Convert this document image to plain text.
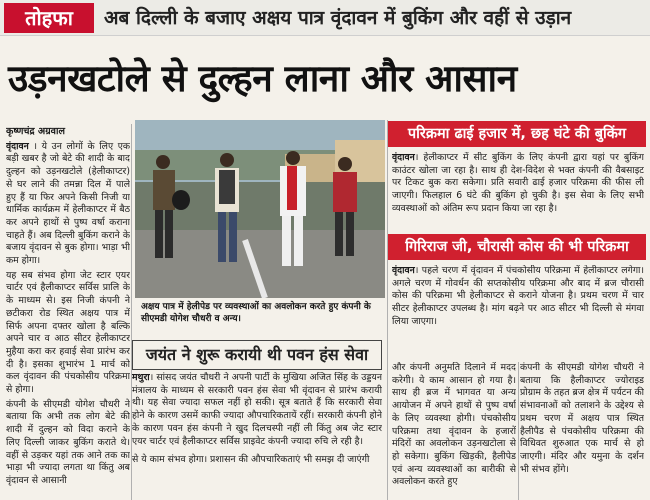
तोहफा	अब दिल्ली के बजाए अक्षय पात्र वृंदावन में बुकिंग और वहीं से उड़ान
उड़नखटोले से दुल्हन लाना और आसान
कृष्णचंद्र अग्रवाल

वृंदावन । ये उन लोगों के लिए एक बड़ी खबर है जो बेटे की शादी के बाद दुल्हन को उड़नखटोले (हेलीकाप्टर) से घर लाने की तमन्ना दिल में पाले हुए हैं या फिर अपने किसी निजी या धार्मिक कार्यक्रम में हेलीकाप्टर में बैठ कर अपने हाथों से पुष्प वर्षा कराना चाहते हैं। अब दिल्ली बुकिंग कराने के बजाय वृंदावन से बुक होगा। भाड़ा भी कम होगा।

यह सब संभव होगा जेट स्टार एयर चार्टर एवं हैलीकाप्टर सर्विस प्रालि के के माध्यम से। इस निजी कंपनी ने छटीकरा रोड स्थित अक्षय पात्र में सिर्फ अपना दफ्तर खोला है बल्कि अपने चार व आठ सीटर हेलीकाप्टर मुहैया करा कर हवाई सेवा प्रारंभ कर दी है। इसका शुभारंभ 1 मार्च को कल वृंदावन की पंचकोसीय परिक्रमा से होगा।

कंपनी के सीएमडी योगेश चौधरी ने बताया कि अभी तक लोग बेटे की शादी में दुल्हन को विदा कराने के लिए दिल्ली जाकर बुकिंग कराते थे। वहीं से उड़कर यहां तक आने तक का भाड़ा भी ज्यादा लगता था किंतु अब वृंदावन से आसानी

अक्षय पात्र में हेलीपेड पर व्यवस्थाओं का अवलोकन करते हुए कंपनी के सीएमडी योगेश चौधरी व अन्य।
जयंत ने शुरू करायी थी पवन हंस सेवा

मथुरा। सांसद जयंत चौधरी ने अपनी पार्टी के मुखिया अजित सिंह के उड्डयन मंत्रालय के माध्यम से सरकारी पवन हंस सेवा भी वृंदावन से प्रारंभ करायी थी। यह सेवा ज्यादा सफल नहीं हो सकी। सूत्र बताते हैं कि सरकारी सेवा होने के कारण उसमें काफी ज्यादा औपचारिकतायें रहीं। सरकारी कंपनी होने के कारण पवन हंस कंपनी ने खुद दिलचस्पी नहीं ली किंतु अब जेट स्टार एयर चार्टर एवं हैलीकाप्टर सर्विस प्राइवेट कंपनी ज्यादा रुचि ले रही है।

से ये काम संभव होगा। प्रशासन की औपचारिकताएं भी समझ दी जाएंगी

परिक्रमा ढाई हजार में, छह घंटे की बुकिंग

वृंदावन। हेलीकाप्टर में सीट बुकिंग के लिए कंपनी द्वारा यहां पर बुकिंग काउंटर खोला जा रहा है। साथ ही देश-विदेश से भक्त कंपनी की वैबसाइट पर टिकट बुक करा सकेगा। प्रति सवारी ढाई हजार परिक्रमा की फीस ली जाएगी। फिलहाल 6 घंटे की बुकिंग हो चुकी है। इस सेवा के लिए सभी व्यवस्थाओं को अंतिम रूप प्रदान किया जा रहा है।

गिरिराज जी, चौरासी कोस की भी परिक्रमा

वृंदावन। पहले चरण में वृंदावन में पंचकोसीय परिक्रमा में हेलीकाप्टर लगेगा। अगले चरण में गोवर्धन की सप्तकोसीय परिक्रमा और बाद में ब्रज चौरासी कोस की परिक्रमा भी हेलीकाप्टर से कराने योजना है। प्रथम चरण में चार सीटर हेलीकाप्टर उपलब्ध है। मांग बढ़ने पर आठ सीटर भी दिल्ली से मंगवा लिया जाएगा।

और कंपनी अनुमति दिलाने में मदद करेगी। ये काम आसान हो गया है। साथ ही ब्रज में भागवत या अन्य आयोजन में अपने हाथों से पुष्प वर्षा के लिए व्यवस्था होगी। पंचकोसीय परिक्रमा तथा वृंदावन के हजारों मंदिरों का अवलोकन उड़नखटोला से हो सकेगा। बुकिंग खिड़की, हैलीपेड एवं अन्य व्यवस्थाओं का बारीकी से अवलोकन करते हुए

कंपनी के सीएमडी योगेश चौधरी ने बताया कि हैलीकाप्टर ज्योराइड प्रोग्राम के तहत ब्रज क्षेत्र में पर्यटन की संभावनाओं को तलाशने के उद्देश्य से प्रथम चरण में अक्षय पात्र स्थित हैलीपैड से पंचकोसीय परिक्रमा की विधिवत शुरुआत एक मार्च से हो जाएगी। मंदिर और यमुना के दर्शन भी संभव होंगे।
